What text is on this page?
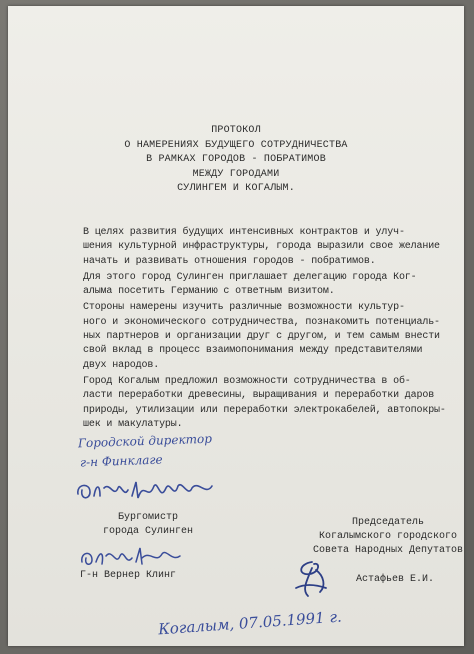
ПРОТОКОЛ
О НАМЕРЕНИЯХ БУДУЩЕГО СОТРУДНИЧЕСТВА
В РАМКАХ ГОРОДОВ - ПОБРАТИМОВ
МЕЖДУ ГОРОДАМИ
СУЛИНГЕМ И КОГАЛЫМ.

В целях развития будущих интенсивных контрактов и улуч-
шения культурной инфраструктуры, города выразили свое желание
начать и развивать отношения городов - побратимов.

Для этого город Сулинген приглашает делегацию города Ког-
алыма посетить Германию с ответным визитом.

Стороны намерены изучить различные возможности культур-
ного и экономического сотрудничества, познакомить потенциаль-
ных партнеров и организации друг с другом, и тем самым внести
свой вклад в процесс взаимопонимания между представителями
двух народов.

Город Когалым предложил возможности сотрудничества в об-
ласти переработки древесины, выращивания и переработки даров
природы, утилизации или переработки электрокабелей, автопокры-
шек и макулатуры.

Городской директор
г-н Финклаге
Бургомистр
города Сулинген
Г-н Вернер Клинг
Председатель
Когалымского городского
Совета Народных Депутатов
Астафьев Е.И.
Когалым, 07.05.1991 г.
